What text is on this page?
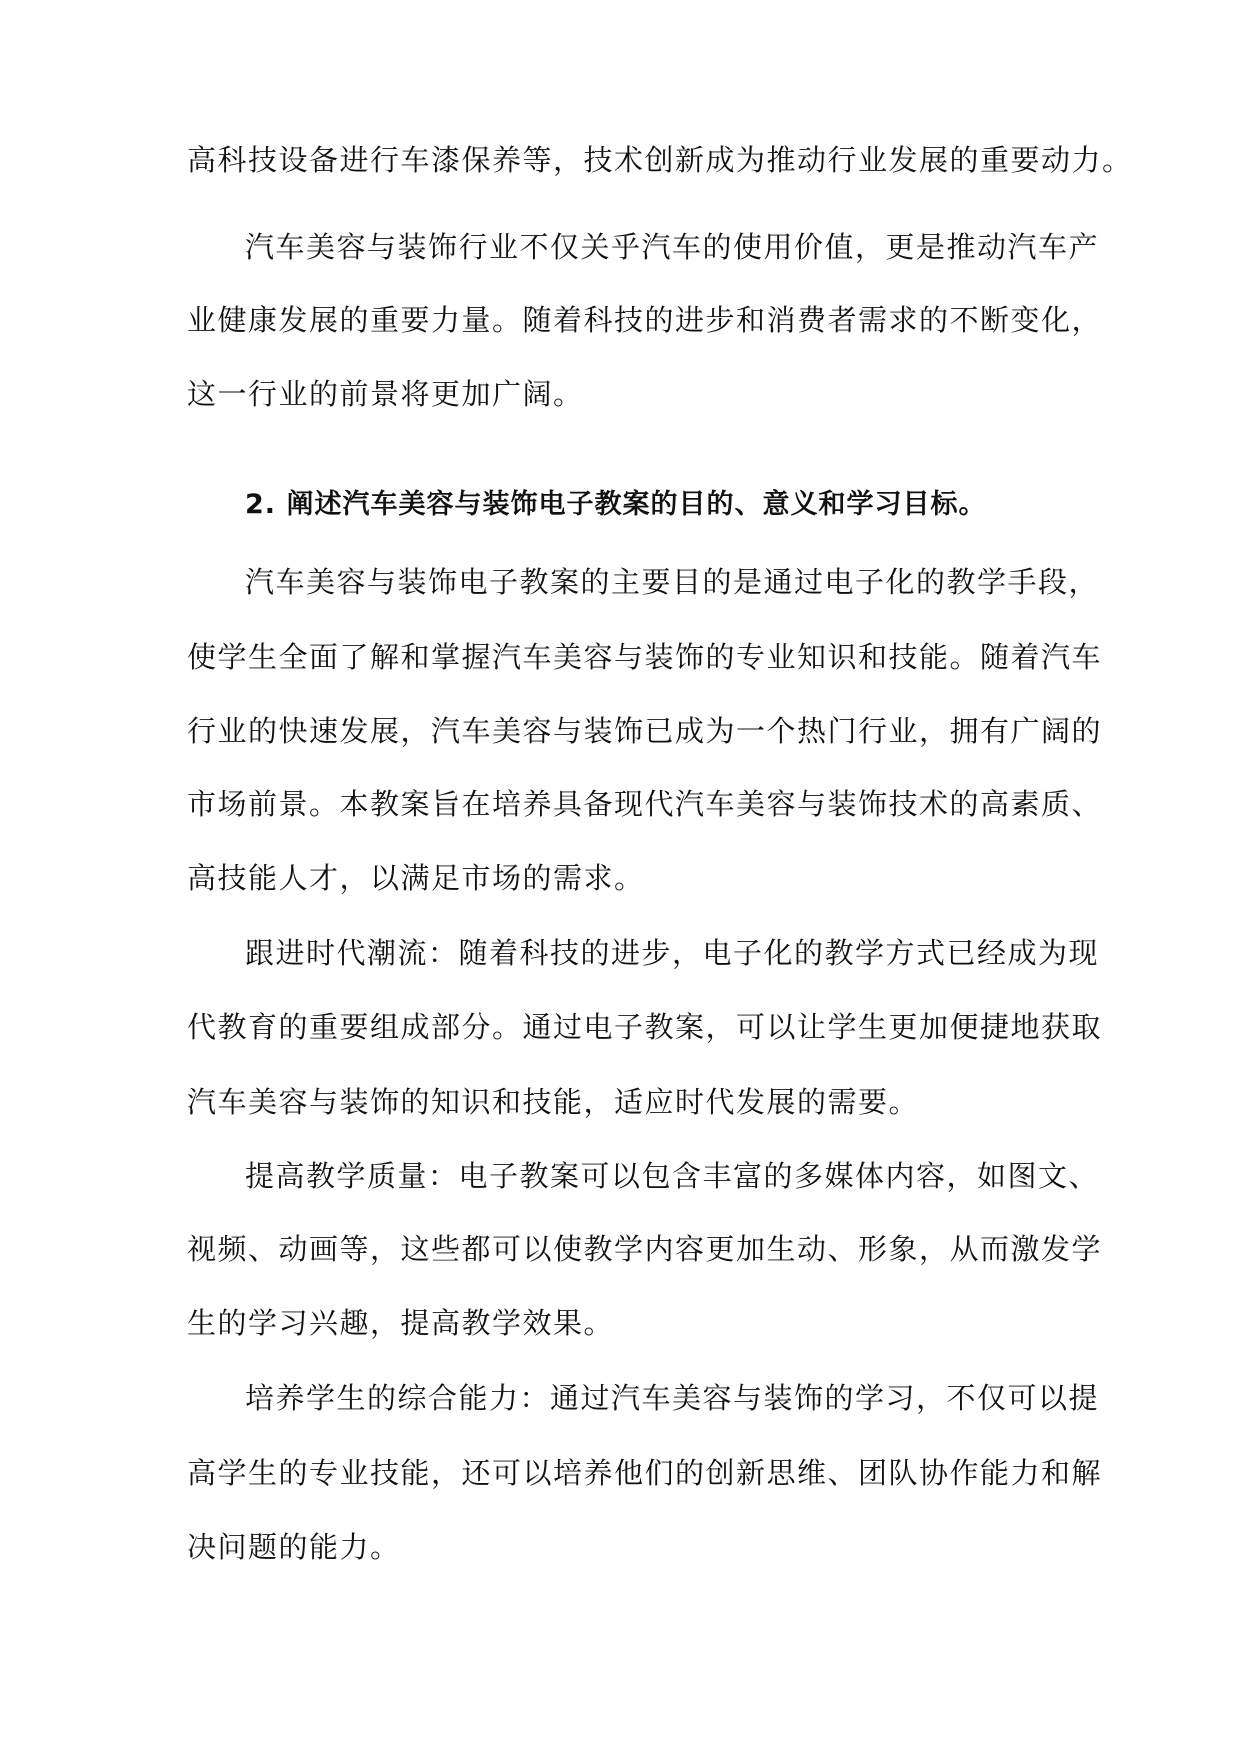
高科技设备进行车漆保养等，技术创新成为推动行业发展的重要动力。

汽车美容与装饰行业不仅关乎汽车的使用价值，更是推动汽车产

业健康发展的重要力量。随着科技的进步和消费者需求的不断变化，

这一行业的前景将更加广阔。

2. 阐述汽车美容与装饰电子教案的目的、意义和学习目标。

汽车美容与装饰电子教案的主要目的是通过电子化的教学手段，

使学生全面了解和掌握汽车美容与装饰的专业知识和技能。随着汽车

行业的快速发展，汽车美容与装饰已成为一个热门行业，拥有广阔的

市场前景。本教案旨在培养具备现代汽车美容与装饰技术的高素质、

高技能人才，以满足市场的需求。

跟进时代潮流：随着科技的进步，电子化的教学方式已经成为现

代教育的重要组成部分。通过电子教案，可以让学生更加便捷地获取

汽车美容与装饰的知识和技能，适应时代发展的需要。

提高教学质量：电子教案可以包含丰富的多媒体内容，如图文、

视频、动画等，这些都可以使教学内容更加生动、形象，从而激发学

生的学习兴趣，提高教学效果。

培养学生的综合能力：通过汽车美容与装饰的学习，不仅可以提

高学生的专业技能，还可以培养他们的创新思维、团队协作能力和解

决问题的能力。
